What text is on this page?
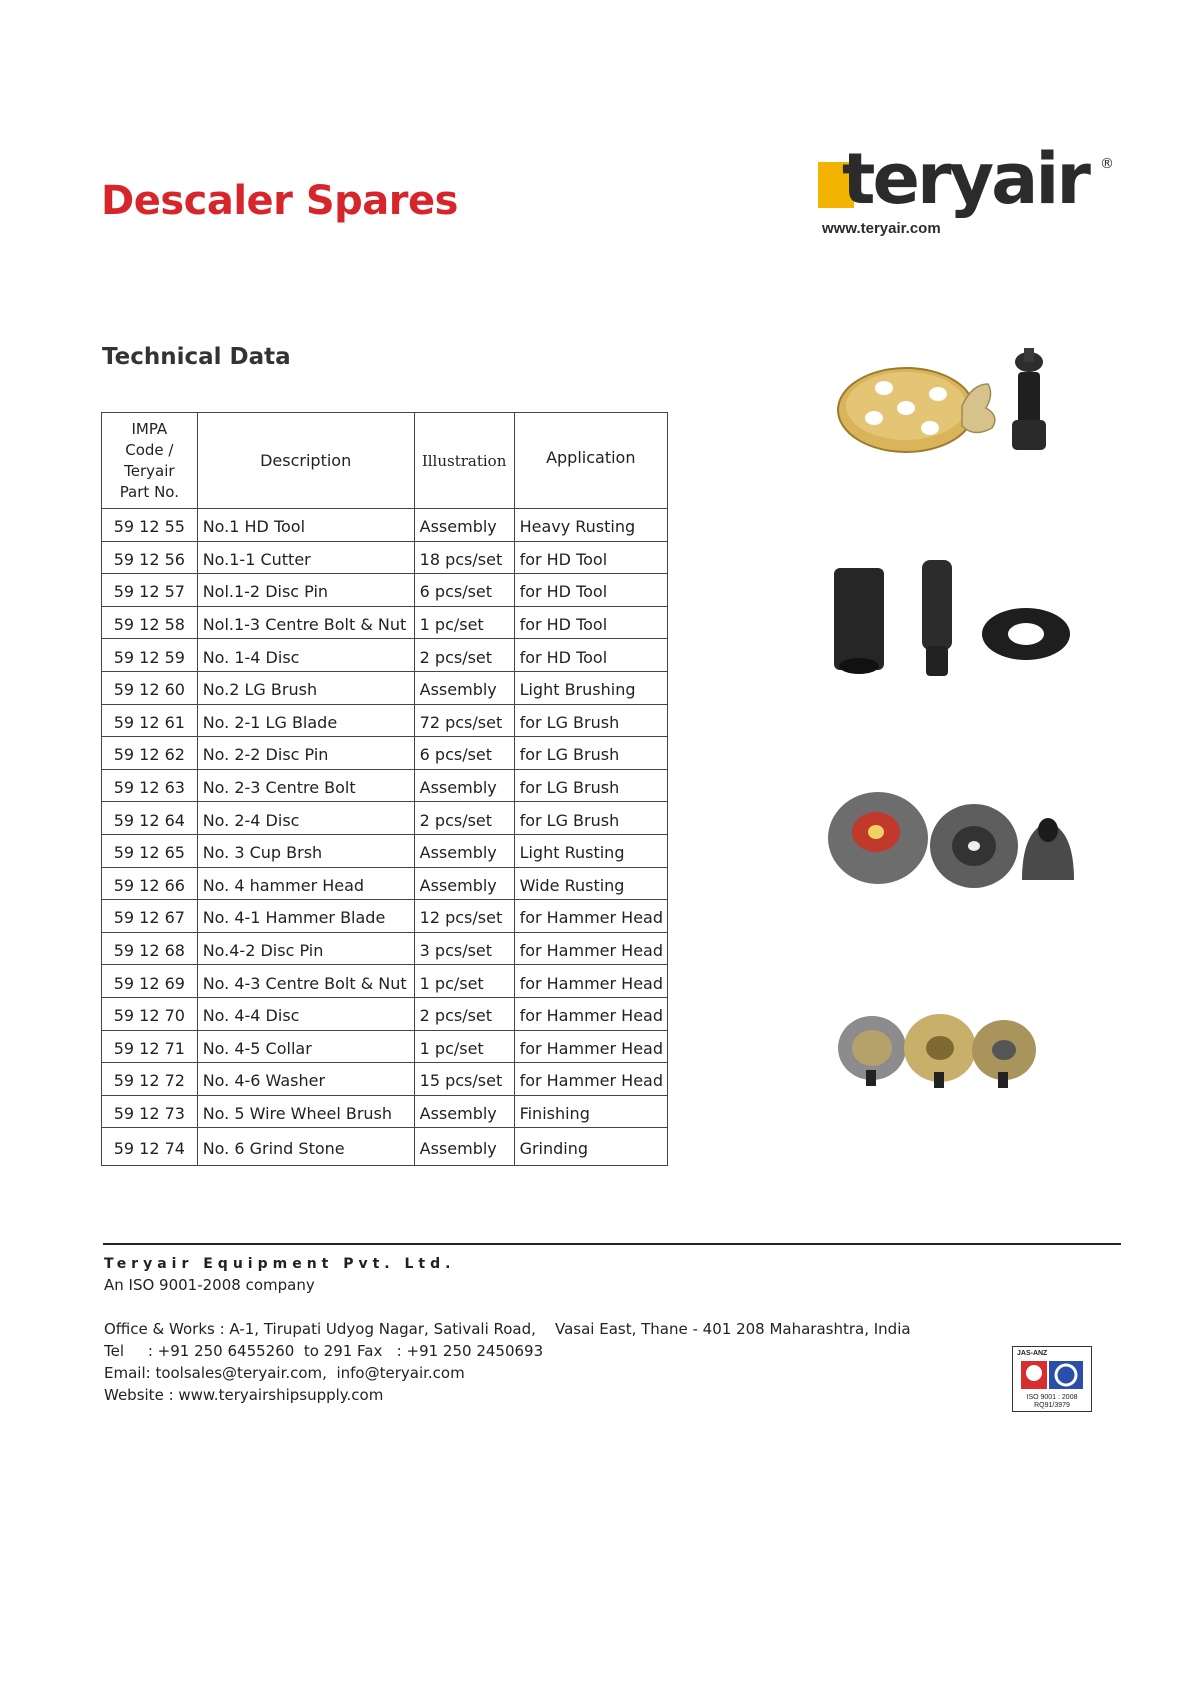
Descaler Spares	teryair ®
www.teryair.com
Technical Data
IMPA
Code /
Teryair
Part No.	Description	Illustration	Application
59 12 55	No.1 HD Tool	Assembly	Heavy Rusting
59 12 56	No.1-1 Cutter	18 pcs/set	for HD Tool
59 12 57	Nol.1-2 Disc Pin	6 pcs/set	for HD Tool
59 12 58	Nol.1-3 Centre Bolt & Nut	1 pc/set	for HD Tool
59 12 59	No. 1-4 Disc	2 pcs/set	for HD Tool
59 12 60	No.2 LG Brush	Assembly	Light Brushing
59 12 61	No. 2-1 LG Blade	72 pcs/set	for LG Brush
59 12 62	No. 2-2 Disc Pin	6 pcs/set	for LG Brush
59 12 63	No. 2-3 Centre Bolt	Assembly	for LG Brush
59 12 64	No. 2-4 Disc	2 pcs/set	for LG Brush
59 12 65	No. 3 Cup Brsh	Assembly	Light Rusting
59 12 66	No. 4 hammer Head	Assembly	Wide Rusting
59 12 67	No. 4-1 Hammer Blade	12 pcs/set	for Hammer Head
59 12 68	No.4-2 Disc Pin	3 pcs/set	for Hammer Head
59 12 69	No. 4-3 Centre Bolt & Nut	1 pc/set	for Hammer Head
59 12 70	No. 4-4 Disc	2 pcs/set	for Hammer Head
59 12 71	No. 4-5 Collar	1 pc/set	for Hammer Head
59 12 72	No. 4-6 Washer	15 pcs/set	for Hammer Head
59 12 73	No. 5 Wire Wheel Brush	Assembly	Finishing
59 12 74	No. 6 Grind Stone	Assembly	Grinding
Teryair Equipment Pvt. Ltd.
An ISO 9001-2008 company
Office & Works : A-1, Tirupati Udyog Nagar, Sativali Road,    Vasai East, Thane - 401 208 Maharashtra, India
Tel     : +91 250 6455260  to 291 Fax   : +91 250 2450693
Email: toolsales@teryair.com,  info@teryair.com
Website : www.teryairshipsupply.com
JAS-ANZ
ISO 9001 : 2008
RQ91/3979
